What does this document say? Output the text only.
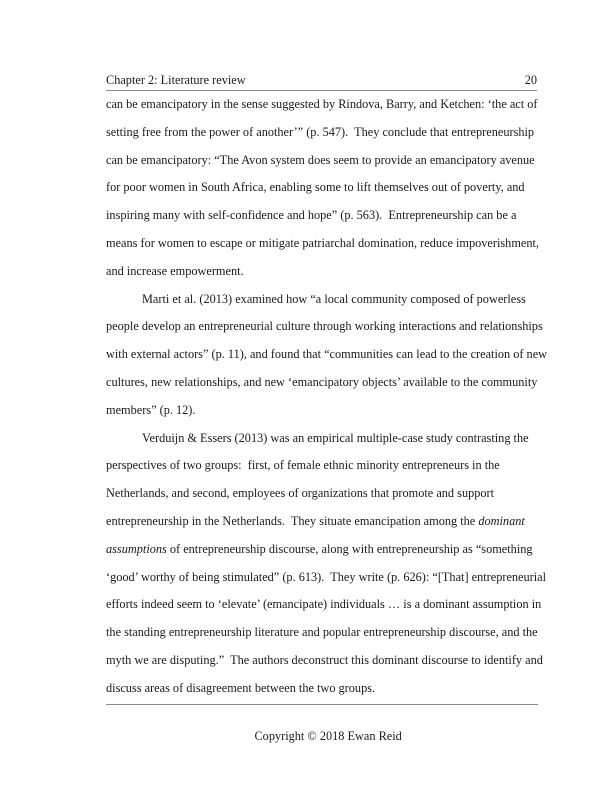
Chapter 2: Literature review	20
can be emancipatory in the sense suggested by Rindova, Barry, and Ketchen: ‘the act of
setting free from the power of another’” (p. 547).  They conclude that entrepreneurship
can be emancipatory: “The Avon system does seem to provide an emancipatory avenue
for poor women in South Africa, enabling some to lift themselves out of poverty, and
inspiring many with self-confidence and hope” (p. 563).  Entrepreneurship can be a
means for women to escape or mitigate patriarchal domination, reduce impoverishment,
and increase empowerment.
Marti et al. (2013) examined how “a local community composed of powerless
people develop an entrepreneurial culture through working interactions and relationships
with external actors” (p. 11), and found that “communities can lead to the creation of new
cultures, new relationships, and new ‘emancipatory objects’ available to the community
members” (p. 12).
Verduijn & Essers (2013) was an empirical multiple-case study contrasting the
perspectives of two groups:  first, of female ethnic minority entrepreneurs in the
Netherlands, and second, employees of organizations that promote and support
entrepreneurship in the Netherlands.  They situate emancipation among the dominant
assumptions of entrepreneurship discourse, along with entrepreneurship as “something
‘good’ worthy of being stimulated” (p. 613).  They write (p. 626): “[That] entrepreneurial
efforts indeed seem to ‘elevate’ (emancipate) individuals … is a dominant assumption in
the standing entrepreneurship literature and popular entrepreneurship discourse, and the
myth we are disputing.”  The authors deconstruct this dominant discourse to identify and
discuss areas of disagreement between the two groups.

Copyright © 2018 Ewan Reid
